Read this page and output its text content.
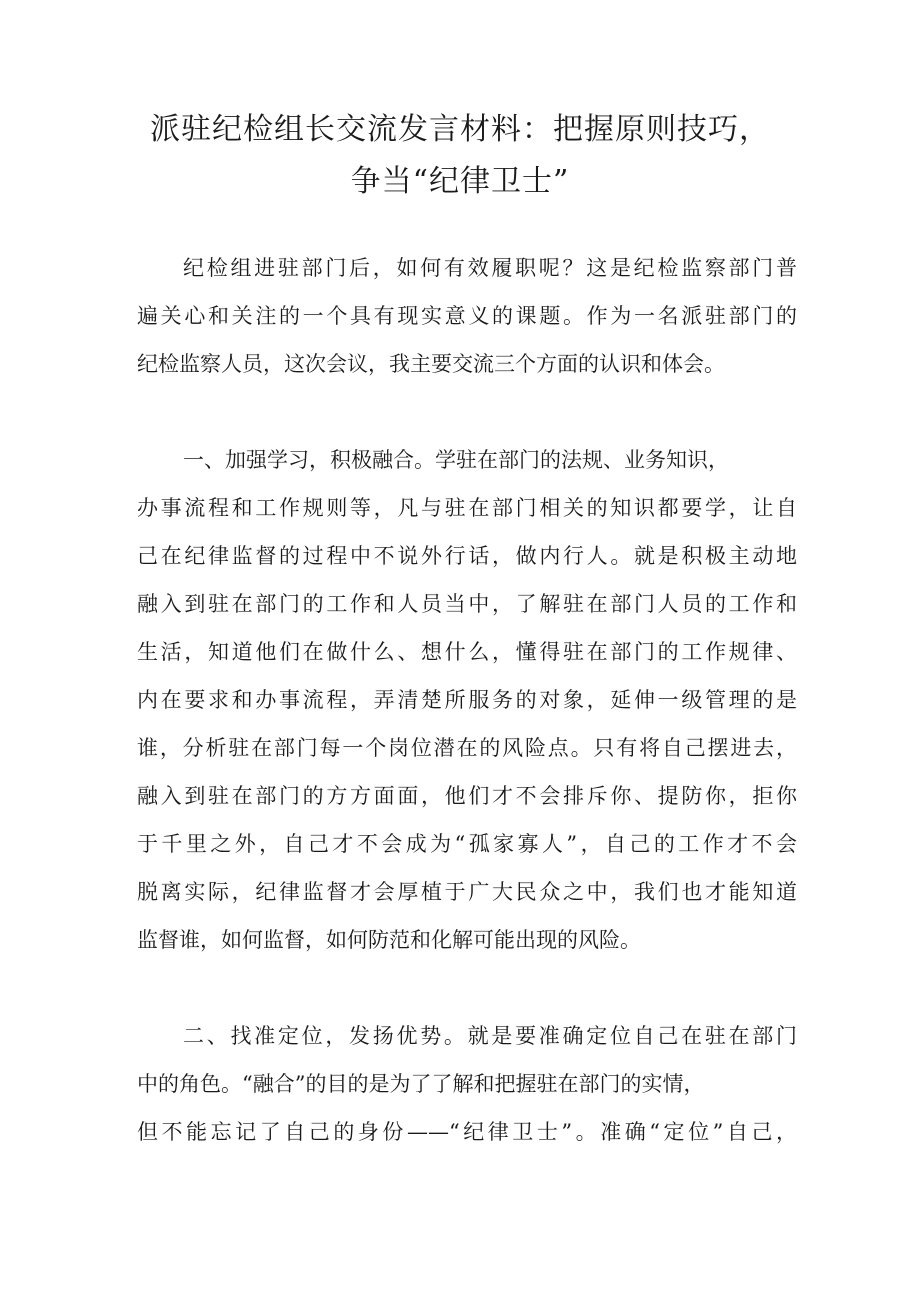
派驻纪检组长交流发言材料：把握原则技巧，
争当“纪律卫士”
纪检组进驻部门后，如何有效履职呢？这是纪检监察部门普
遍关心和关注的一个具有现实意义的课题。作为一名派驻部门的
纪检监察人员，这次会议，我主要交流三个方面的认识和体会。
一、加强学习，积极融合。学驻在部门的法规、业务知识，
办事流程和工作规则等，凡与驻在部门相关的知识都要学，让自
己在纪律监督的过程中不说外行话，做内行人。就是积极主动地
融入到驻在部门的工作和人员当中，了解驻在部门人员的工作和
生活，知道他们在做什么、想什么，懂得驻在部门的工作规律、
内在要求和办事流程，弄清楚所服务的对象，延伸一级管理的是
谁，分析驻在部门每一个岗位潜在的风险点。只有将自己摆进去，
融入到驻在部门的方方面面，他们才不会排斥你、提防你，拒你
于千里之外，自己才不会成为“孤家寡人”，自己的工作才不会
脱离实际，纪律监督才会厚植于广大民众之中，我们也才能知道
监督谁，如何监督，如何防范和化解可能出现的风险。
二、找准定位，发扬优势。就是要准确定位自己在驻在部门
中的角色。“融合”的目的是为了了解和把握驻在部门的实情，
但不能忘记了自己的身份——“纪律卫士”。准确“定位”自己，
